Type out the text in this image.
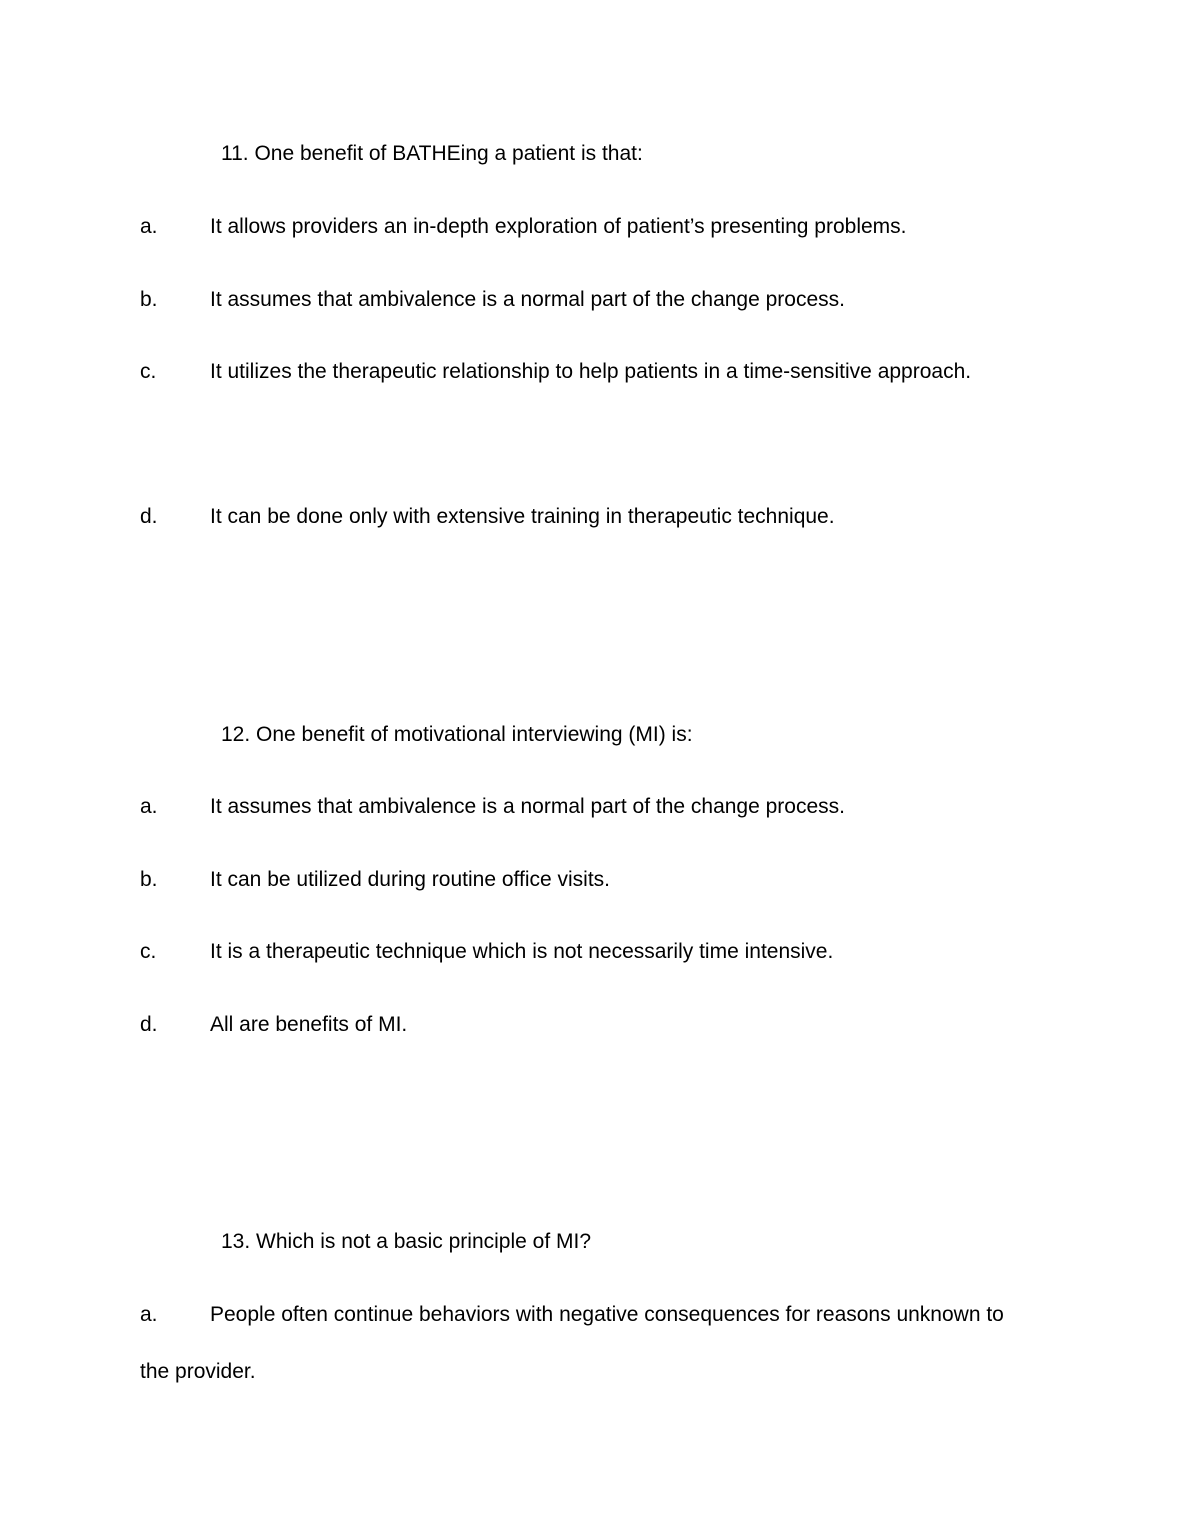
11. One benefit of BATHEing a patient is that:
a. It allows providers an in-depth exploration of patient’s presenting problems.
b. It assumes that ambivalence is a normal part of the change process.
c.	It utilizes the therapeutic relationship to help patients in a time-sensitive approach.
d. It can be done only with extensive training in therapeutic technique.
12. One benefit of motivational interviewing (MI) is:
a. It assumes that ambivalence is a normal part of the change process.
b. It can be utilized during routine office visits.
c.	It is a therapeutic technique which is not necessarily time intensive.
d. All are benefits of MI.
13. Which is not a basic principle of MI?
a. People often continue behaviors with negative consequences for reasons unknown to
the provider.
